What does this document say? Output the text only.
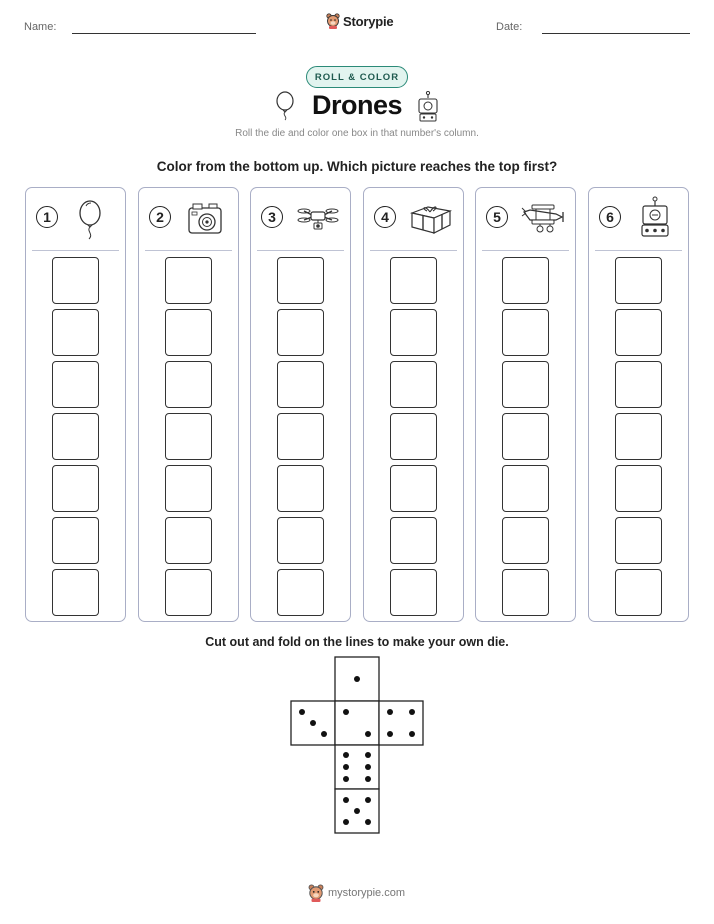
Name:	Storypie	Date:
ROLL & COLOR
Drones
Roll the die and color one box in that number's column.
Color from the bottom up. Which picture reaches the top first?
1	2	3	4	5	6
Cut out and fold on the lines to make your own die.
mystorypie.com
